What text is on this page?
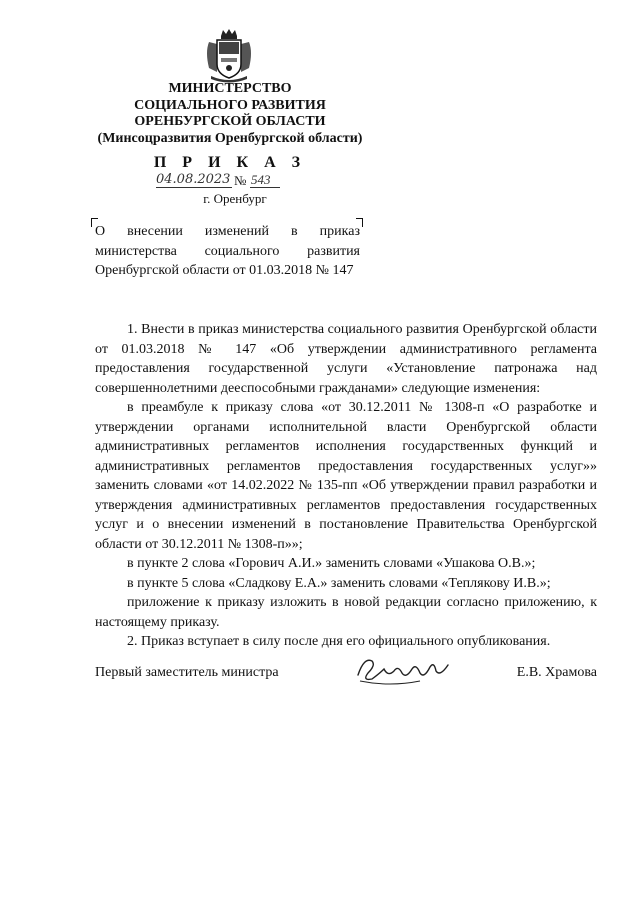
МИНИСТЕРСТВО
СОЦИАЛЬНОГО РАЗВИТИЯ
ОРЕНБУРГСКОЙ ОБЛАСТИ
(Минсоцразвития Оренбургской области)
П Р И К А З
04.08.2023 № 543
г. Оренбург
О внесении изменений в приказ министерства социального развития Оренбургской области от 01.03.2018 № 147

1. Внести в приказ министерства социального развития Оренбургской области от 01.03.2018 № 147 «Об утверждении административного регламента предоставления государственной услуги «Установление патронажа над совершеннолетними дееспособными гражданами» следующие изменения:

в преамбуле к приказу слова «от 30.12.2011 № 1308-п «О разработке и утверждении органами исполнительной власти Оренбургской области административных регламентов исполнения государственных функций и административных регламентов предоставления государственных услуг»» заменить словами «от 14.02.2022 № 135-пп «Об утверждении правил разработки и утверждения административных регламентов предоставления государственных услуг и о внесении изменений в постановление Правительства Оренбургской области от 30.12.2011 № 1308-п»»;

в пункте 2 слова «Горович А.И.» заменить словами «Ушакова О.В.»;

в пункте 5 слова «Сладкову Е.А.» заменить словами «Теплякову И.В.»;

приложение к приказу изложить в новой редакции согласно приложению, к настоящему приказу.

2. Приказ вступает в силу после дня его официального опубликования.

Первый заместитель министра	Е.В. Храмова
